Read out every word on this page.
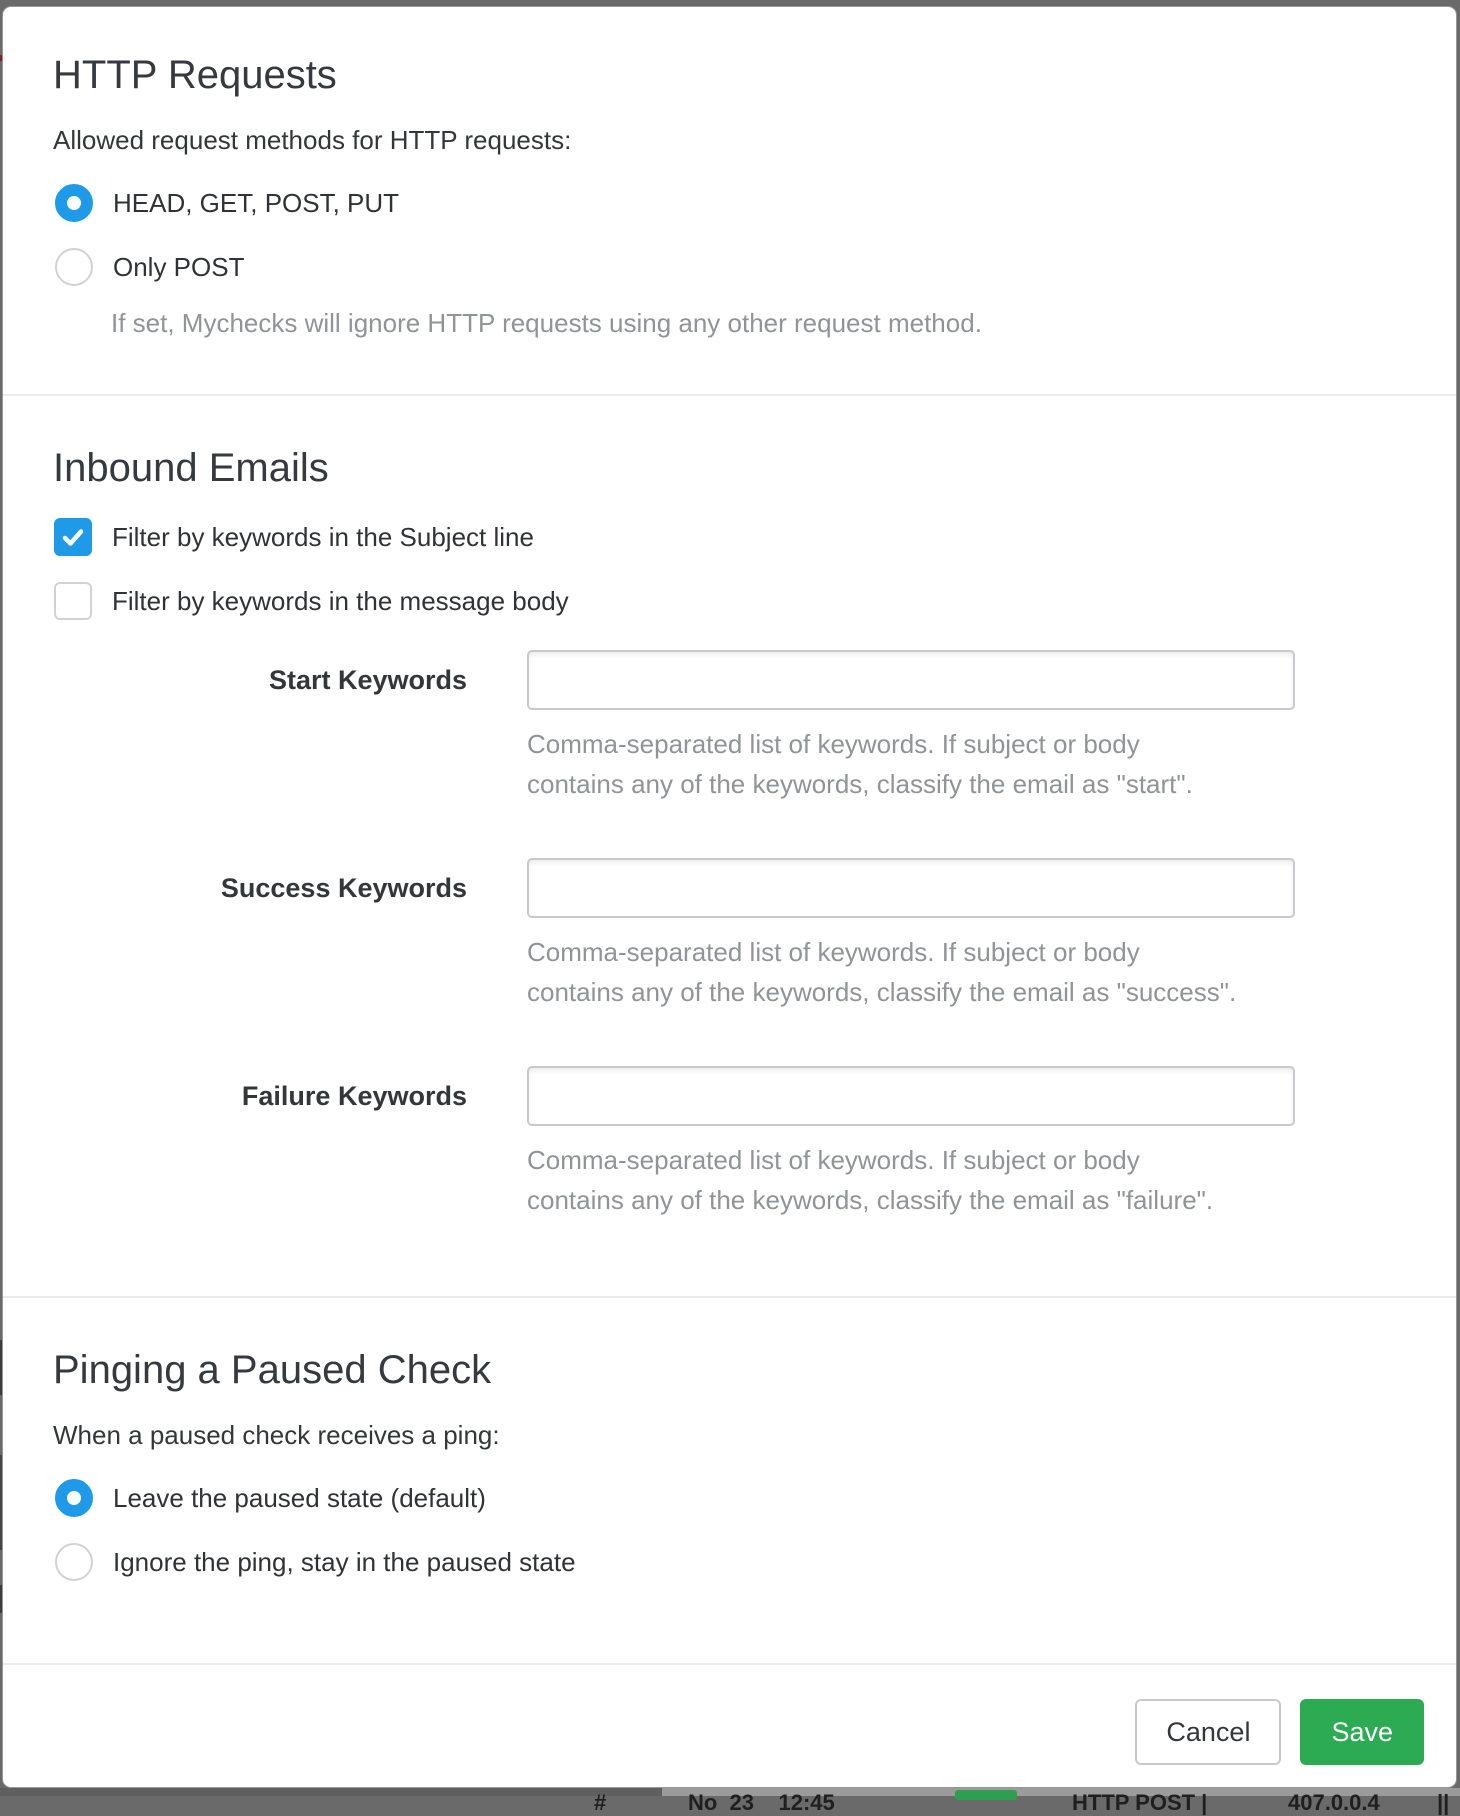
HTTP Requests
Allowed request methods for HTTP requests:
HEAD, GET, POST, PUT
Only POST
If set, Mychecks will ignore HTTP requests using any other request method.
Inbound Emails
Filter by keywords in the Subject line
Filter by keywords in the message body
Start Keywords
Comma-separated list of keywords. If subject or body
contains any of the keywords, classify the email as "start".
Success Keywords
Comma-separated list of keywords. If subject or body
contains any of the keywords, classify the email as "success".
Failure Keywords
Comma-separated list of keywords. If subject or body
contains any of the keywords, classify the email as "failure".
Pinging a Paused Check
When a paused check receives a ping:
Leave the paused state (default)
Ignore the ping, stay in the paused state
Cancel	Save
#	No  23    12:45	HTTP POST |	407.0.0.4	||
